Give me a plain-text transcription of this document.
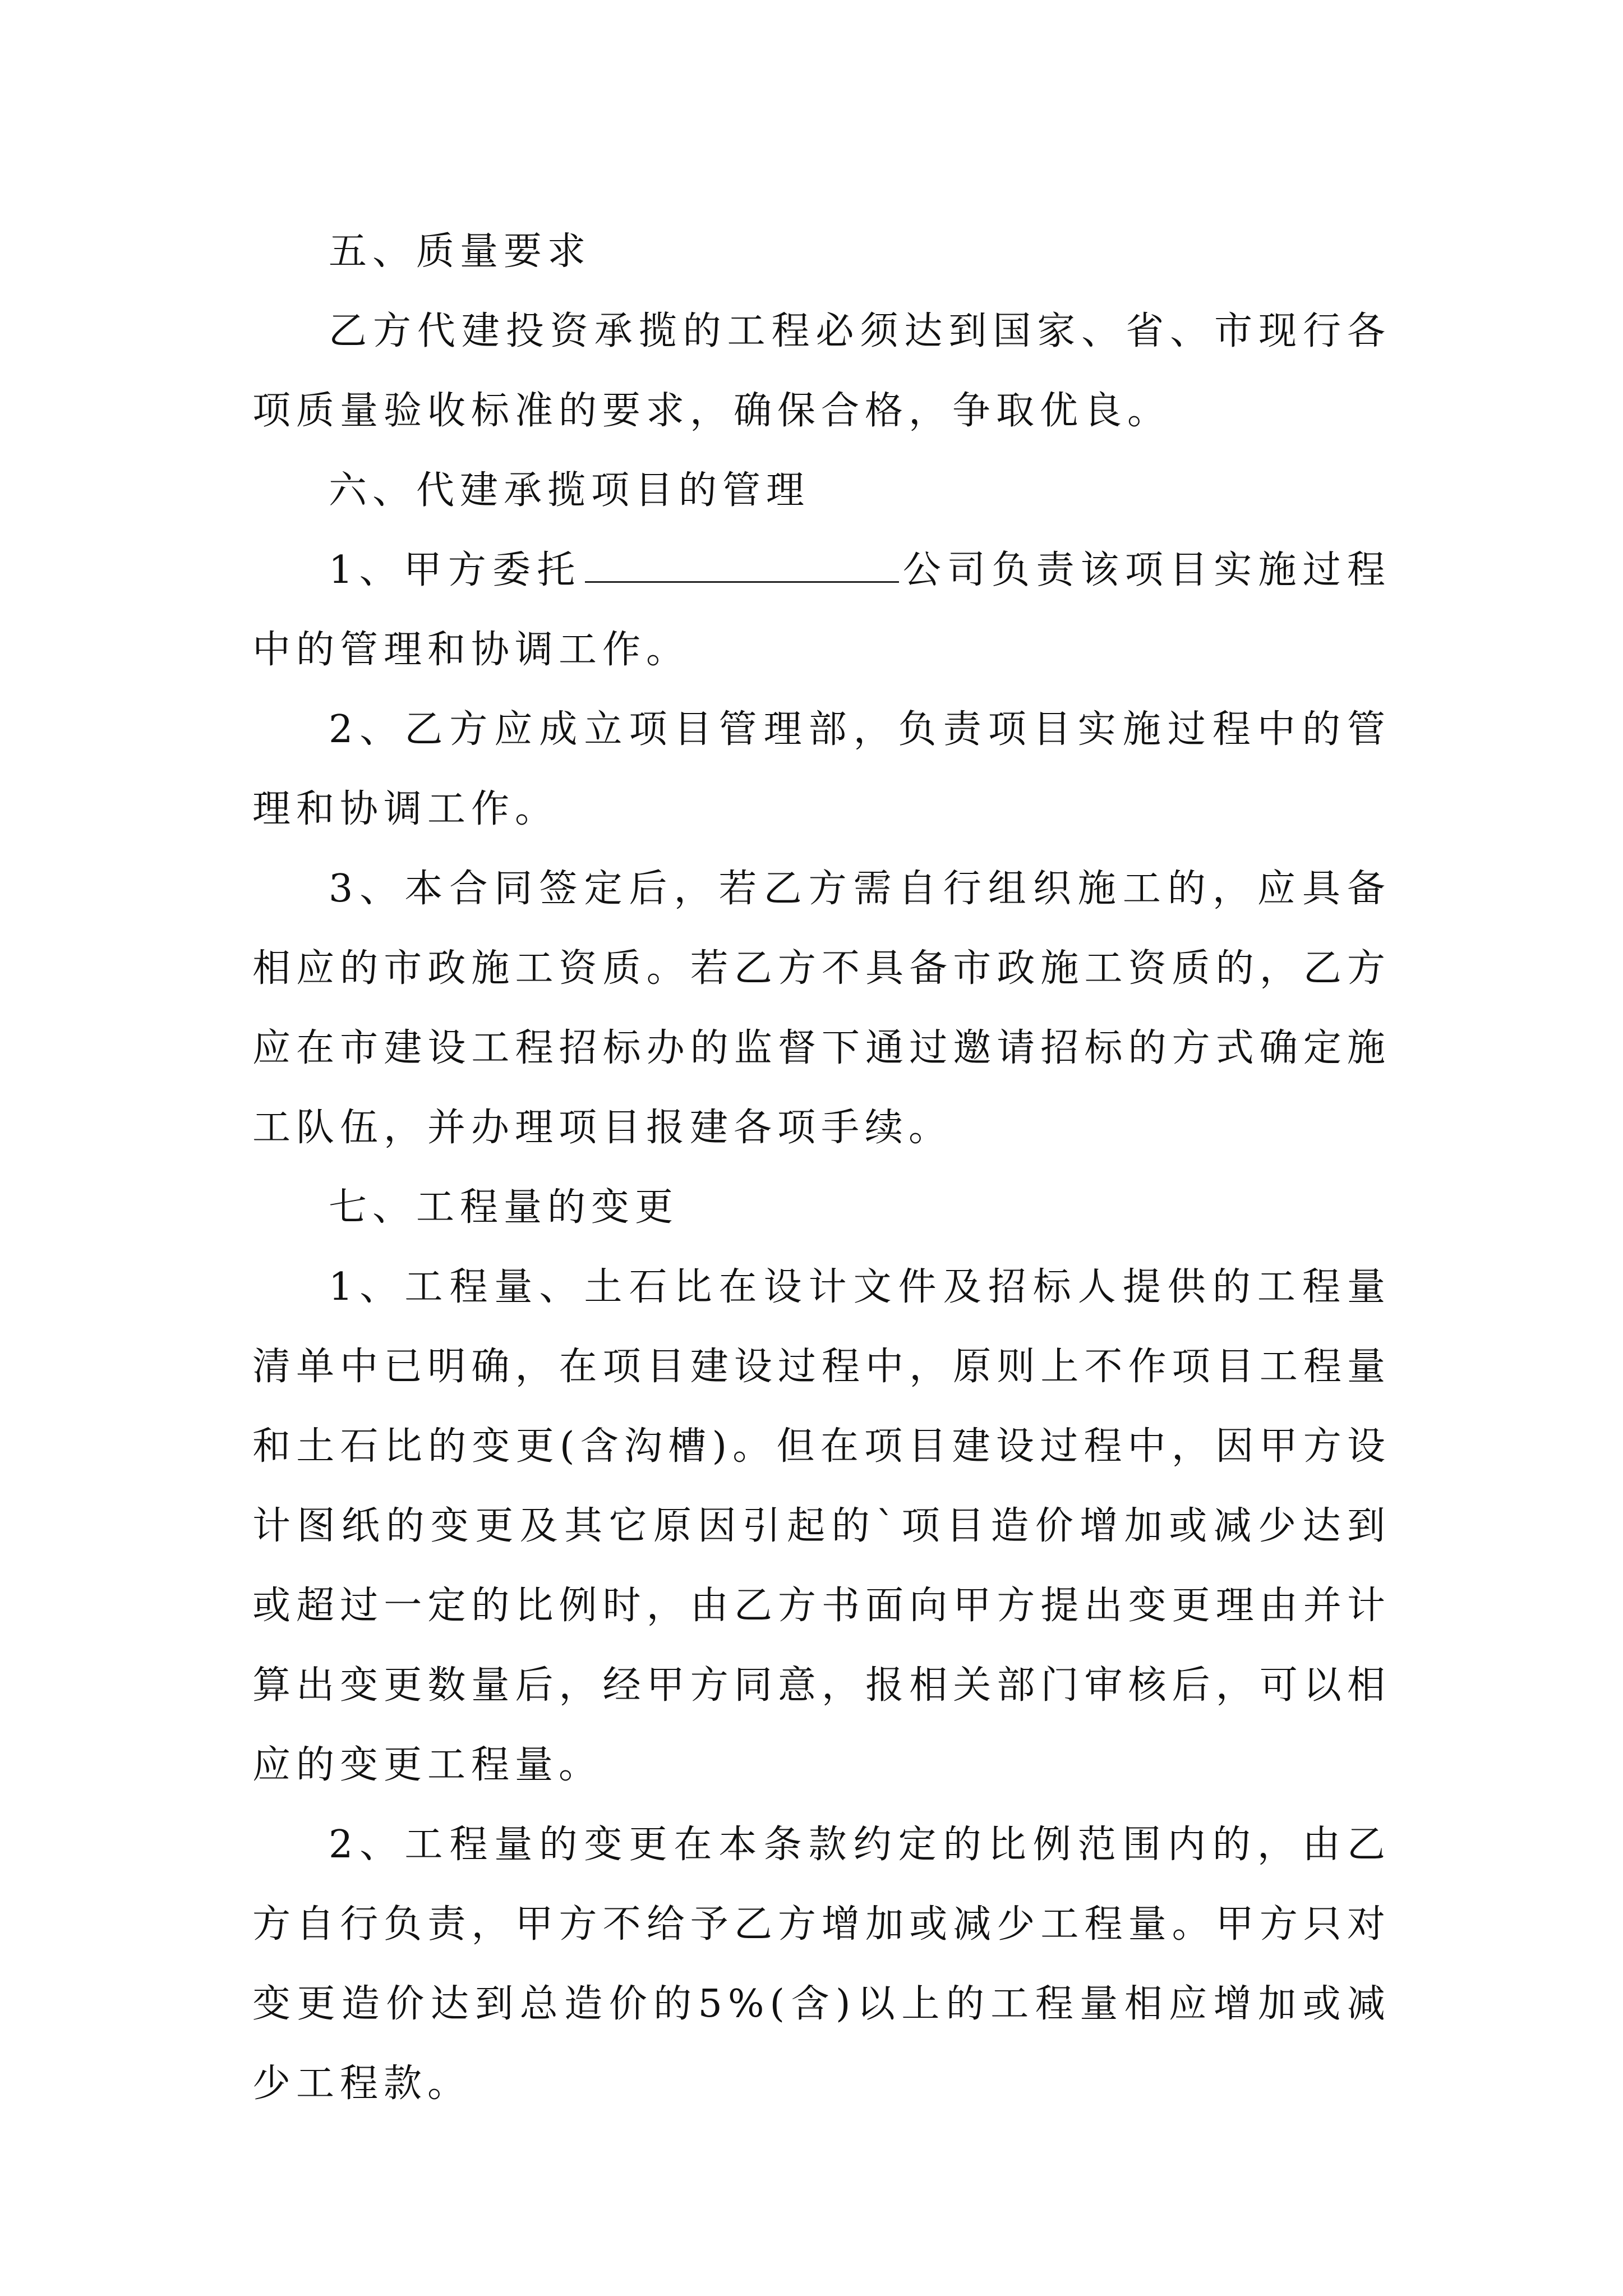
五、质量要求

乙方代建投资承揽的工程必须达到国家、省、市现行各项质量验收标准的要求，确保合格，争取优良。

六、代建承揽项目的管理

1、甲方委托	公司负责该项目实施过程中的管理和协调工作。

2、乙方应成立项目管理部，负责项目实施过程中的管理和协调工作。

3、本合同签定后，若乙方需自行组织施工的，应具备相应的市政施工资质。若乙方不具备市政施工资质的，乙方应在市建设工程招标办的监督下通过邀请招标的方式确定施工队伍，并办理项目报建各项手续。

七、工程量的变更

1、工程量、土石比在设计文件及招标人提供的工程量清单中已明确，在项目建设过程中，原则上不作项目工程量和土石比的变更(含沟槽)。但在项目建设过程中，因甲方设计图纸的变更及其它原因引起的`项目造价增加或减少达到或超过一定的比例时，由乙方书面向甲方提出变更理由并计算出变更数量后，经甲方同意，报相关部门审核后，可以相应的变更工程量。

2、工程量的变更在本条款约定的比例范围内的，由乙方自行负责，甲方不给予乙方增加或减少工程量。甲方只对变更造价达到总造价的5%(含)以上的工程量相应增加或减少工程款。
